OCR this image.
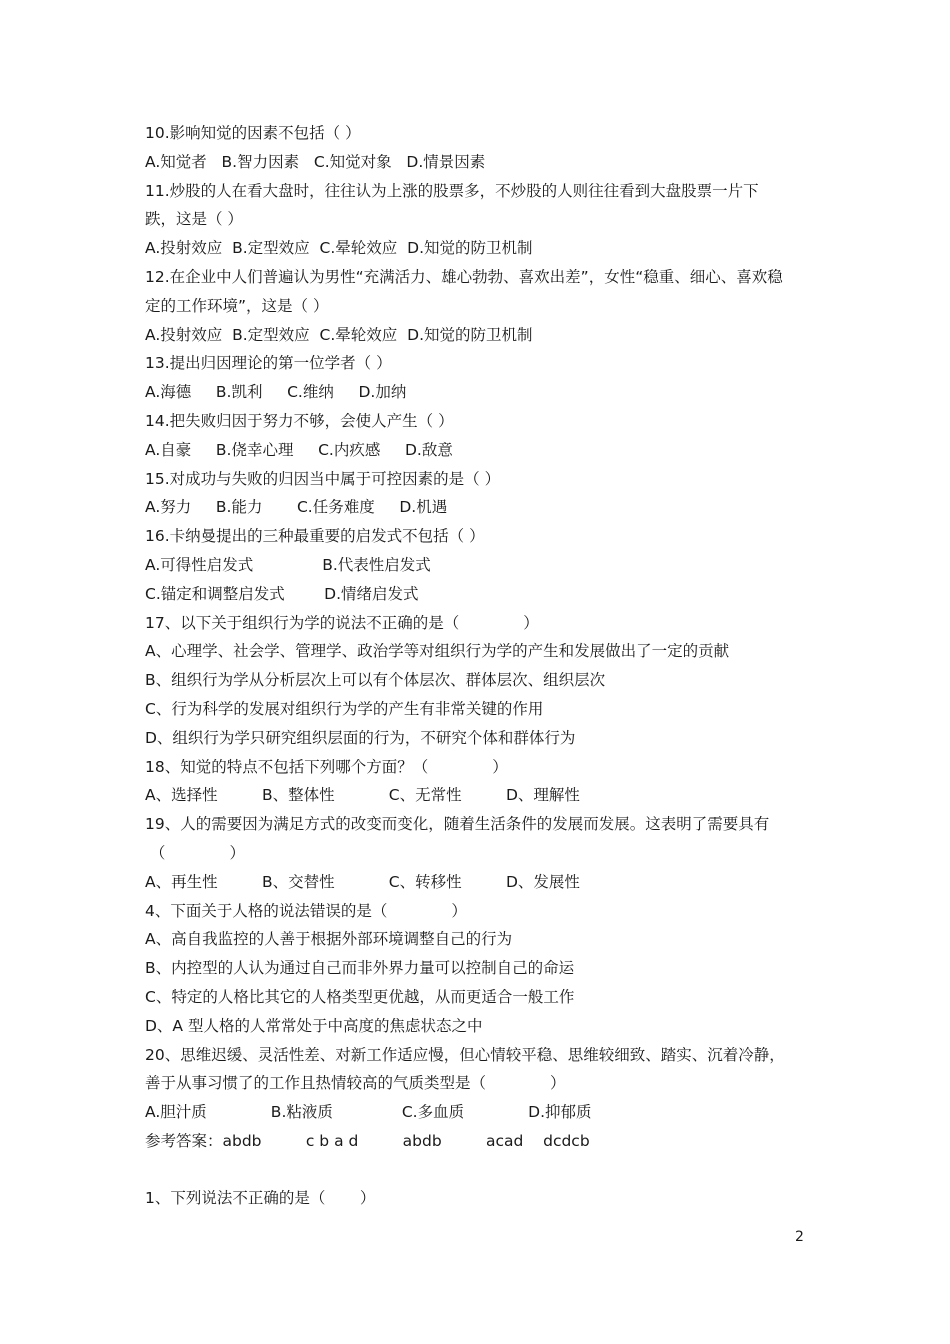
10.影响知觉的因素不包括（ ）
A.知觉者   B.智力因素   C.知觉对象   D.情景因素
11.炒股的人在看大盘时，往往认为上涨的股票多，不炒股的人则往往看到大盘股票一片下
跌，这是（ ）
A.投射效应  B.定型效应  C.晕轮效应  D.知觉的防卫机制
12.在企业中人们普遍认为男性“充满活力、雄心勃勃、喜欢出差”，女性“稳重、细心、喜欢稳
定的工作环境”，这是（ ）
A.投射效应  B.定型效应  C.晕轮效应  D.知觉的防卫机制
13.提出归因理论的第一位学者（ ）
A.海德     B.凯利     C.维纳     D.加纳
14.把失败归因于努力不够，会使人产生（ ）
A.自豪     B.侥幸心理     C.内疚感     D.敌意
15.对成功与失败的归因当中属于可控因素的是（ ）
A.努力     B.能力       C.任务难度     D.机遇
16.卡纳曼提出的三种最重要的启发式不包括（ ）
A.可得性启发式              B.代表性启发式
C.锚定和调整启发式        D.情绪启发式
17、以下关于组织行为学的说法不正确的是（             ）
A、心理学、社会学、管理学、政治学等对组织行为学的产生和发展做出了一定的贡献
B、组织行为学从分析层次上可以有个体层次、群体层次、组织层次
C、行为科学的发展对组织行为学的产生有非常关键的作用
D、组织行为学只研究组织层面的行为，不研究个体和群体行为
18、知觉的特点不包括下列哪个方面？（             ）
A、选择性         B、整体性           C、无常性         D、理解性
19、人的需要因为满足方式的改变而变化，随着生活条件的发展而发展。这表明了需要具有
（             ）
A、再生性         B、交替性           C、转移性         D、发展性
4、下面关于人格的说法错误的是（             ）
A、高自我监控的人善于根据外部环境调整自己的行为
B、内控型的人认为通过自己而非外界力量可以控制自己的命运
C、特定的人格比其它的人格类型更优越，从而更适合一般工作
D、A 型人格的人常常处于中高度的焦虑状态之中
20、思维迟缓、灵活性差、对新工作适应慢，但心情较平稳、思维较细致、踏实、沉着冷静，
善于从事习惯了的工作且热情较高的气质类型是（             ）
A.胆汁质             B.粘液质              C.多血质             D.抑郁质
参考答案：abdb         c b a d         abdb         acad    dcdcb
1、下列说法不正确的是（       ）
2
